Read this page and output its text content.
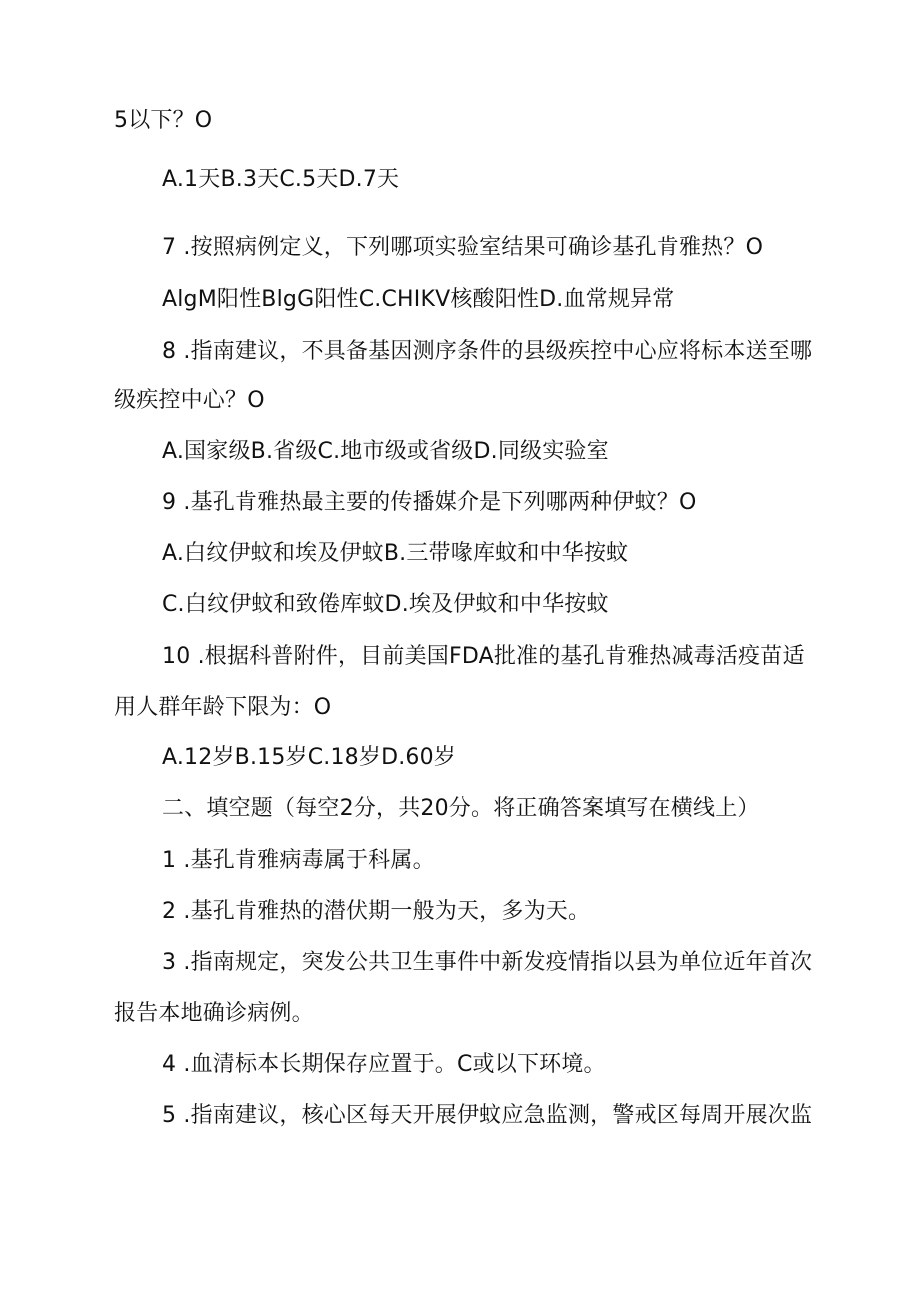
5以下？O
A.1天B.3天C.5天D.7天
7 .按照病例定义，下列哪项实验室结果可确诊基孔肯雅热？O
AlgM阳性BlgG阳性C.CHIKV核酸阳性D.血常规异常
8 .指南建议，不具备基因测序条件的县级疾控中心应将标本送至哪
级疾控中心？O
A.国家级B.省级C.地市级或省级D.同级实验室
9 .基孔肯雅热最主要的传播媒介是下列哪两种伊蚊？O
A.白纹伊蚊和埃及伊蚊B.三带喙库蚊和中华按蚊
C.白纹伊蚊和致倦库蚊D.埃及伊蚊和中华按蚊
10 .根据科普附件，目前美国FDA批准的基孔肯雅热减毒活疫苗适
用人群年龄下限为：O
A.12岁B.15岁C.18岁D.60岁
二、填空题（每空2分，共20分。将正确答案填写在横线上）
1 .基孔肯雅病毒属于科属。
2 .基孔肯雅热的潜伏期一般为天，多为天。
3 .指南规定，突发公共卫生事件中新发疫情指以县为单位近年首次
报告本地确诊病例。
4 .血清标本长期保存应置于。C或以下环境。
5 .指南建议，核心区每天开展伊蚊应急监测，警戒区每周开展次监
